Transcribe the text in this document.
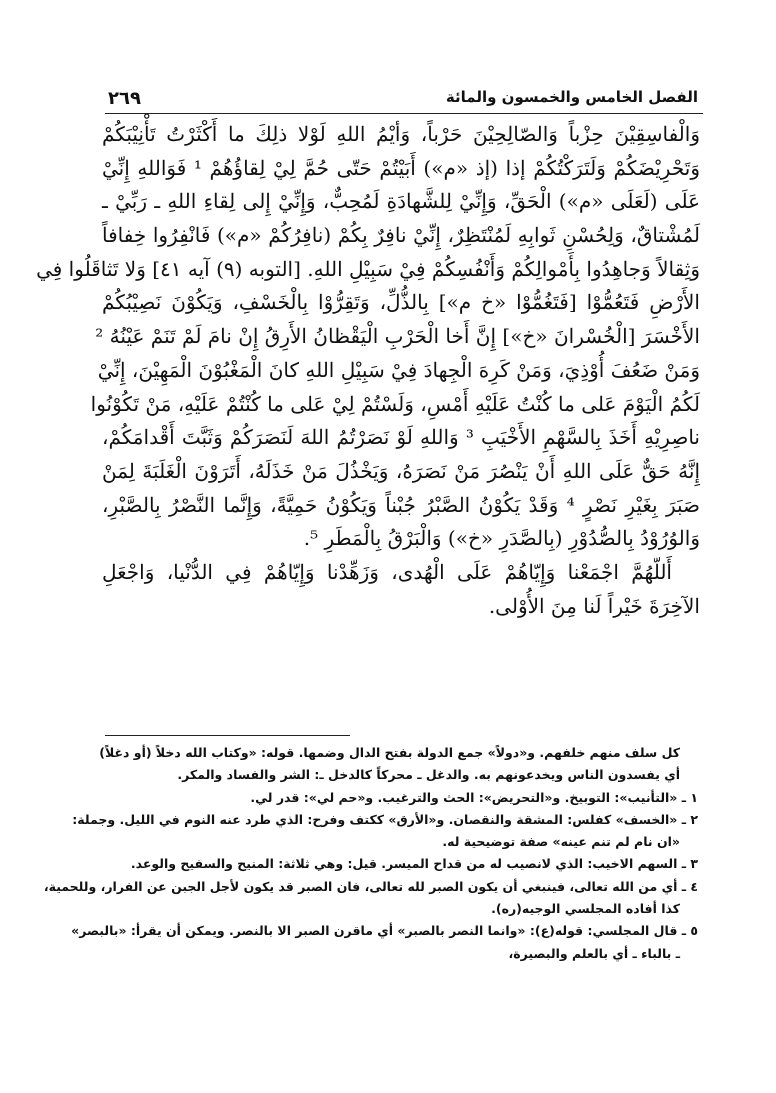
الفصل الخامس والخمسون والمائة
٢٦٩
وَالْفاسِقِيْنَ حِزْباً وَالصّالِحِيْنَ حَرْباً، وَأيْمُ اللهِ لَوْلا ذلِكَ ما أَكْثَرْتُ تَأْنِيْبَكُمْ
وَتَحْرِيْضَكُمْ وَلَتَرَكْتُكُمْ إذا (إذ «م») أَبَيْتُمْ حَتّى حُمَّ لِيْ لِقاؤُهُمْ ¹ فَوَاللهِ إِنِّيْ
عَلَى (لَعَلَى «م») الْحَقِّ، وَإِنِّيْ لِلشَّهادَةِ لَمُحِبٌّ، وَإِنِّيْ إِلى لِقاءِ اللهِ ـ رَبِّيْ ـ
لَمُشْتاقٌ، وَلِحُسْنِ ثَوابِهِ لَمُنْتَظِرٌ، إِنِّيْ نافِرٌ بِكُمْ (نافِرُكُمْ «م») فَانْفِرُوا خِفافاً
وَثِقالاً وَجاهِدُوا بِأَمْوالِكُمْ وَأَنْفُسِكُمْ فِيْ سَبِيْلِ اللهِ. [التوبه (٩) آيه ٤١] وَلا تَثاقَلُوا فِي
الأَرْضِ فَتَعُمُّوْا [فَتَغُمُّوْا «خ م»] بِالذُّلِّ، وَتَقِرُّوْا بِالْخَسْفِ، وَيَكُوْنَ نَصِيْبُكُمْ
الأَخْسَرَ [الْخُسْرانَ «خ»] إِنَّ أَخا الْحَرْبِ الْيَقْظانُ الأَرِقُ إِنْ نامَ لَمْ تَنَمْ عَيْنُهُ ²
وَمَنْ ضَعُفَ أُوْذِيَ، وَمَنْ كَرِهَ الْجِهادَ فِيْ سَبِيْلِ اللهِ كانَ الْمَغْبُوْنَ الْمَهِيْنَ، إِنِّيْ
لَكُمُ الْيَوْمَ عَلى ما كُنْتُ عَلَيْهِ أَمْسِ، وَلَسْتُمْ لِيْ عَلى ما كُنْتُمْ عَلَيْهِ، مَنْ تَكُوْنُوا
ناصِرِيْهِ أَخَذَ بِالسَّهْمِ الأَخْيَبِ ³ وَاللهِ لَوْ نَصَرْتُمُ اللهَ لَنَصَرَكُمْ وَثَبَّتَ أَقْدامَكُمْ،
إِنَّهُ حَقٌّ عَلَى اللهِ أَنْ يَنْصُرَ مَنْ نَصَرَهُ، وَيَخْذُلَ مَنْ خَذَلَهُ، أَتَرَوْنَ الْغَلَبَةَ لِمَنْ
صَبَرَ بِغَيْرِ نَصْرٍ ⁴ وَقَدْ يَكُوْنُ الصَّبْرُ جُبْناً وَيَكُوْنُ حَمِيَّةً، وَإِنَّما النَّصْرُ بِالصَّبْرِ،
وَالوُرُوْدُ بِالصُّدُوْرِ (بِالصَّدَرِ «خ») وَالْبَرْقُ بِالْمَطَرِ ⁵.
أَللّهُمَّ اجْمَعْنا وَإِيّاهُمْ عَلَى الْهُدى، وَزَهِّدْنا وَإِيّاهُمْ فِي الدُّنْيا، وَاجْعَلِ
الآخِرَةَ خَيْراً لَنا مِنَ الأُوْلى.
كل سلف منهم خلفهم. و«دولاً» جمع الدولة بفتح الدال وضمها. قوله: «وكتاب الله دخلاً (أو دغلاً)
أي يفسدون الناس ويخدعونهم به. والدغل ـ محركاً كالدخل ـ: الشر والفساد والمكر.
١ ـ «التأنيب»: التوبيخ. و«التحريض»: الحث والترغيب. و«حم لي»: قدر لي.
٢ ـ «الخسف» كفلس: المشقة والنقصان. و«الأرق» ككتف وفرح: الذي طرد عنه النوم في الليل. وجملة:
«ان نام لم تنم عينه» صفة توضيحية له.
٣ ـ السهم الاخيب: الذي لانصيب له من قداح الميسر. قيل: وهي ثلاثة: المنيح والسفيح والوعد.
٤ ـ أي من الله تعالى، فينبغي أن يكون الصبر لله تعالى، فان الصبر قد يكون لأجل الجبن عن الفرار، وللحمية،
كذا أفاده المجلسي الوجيه(ره).
٥ ـ قال المجلسي: قوله(ع): «وانما النصر بالصبر» أي ماقرن الصبر الا بالنصر. ويمكن أن يقرأ: «بالبصر»
ـ بالباء ـ أي بالعلم والبصيرة،
